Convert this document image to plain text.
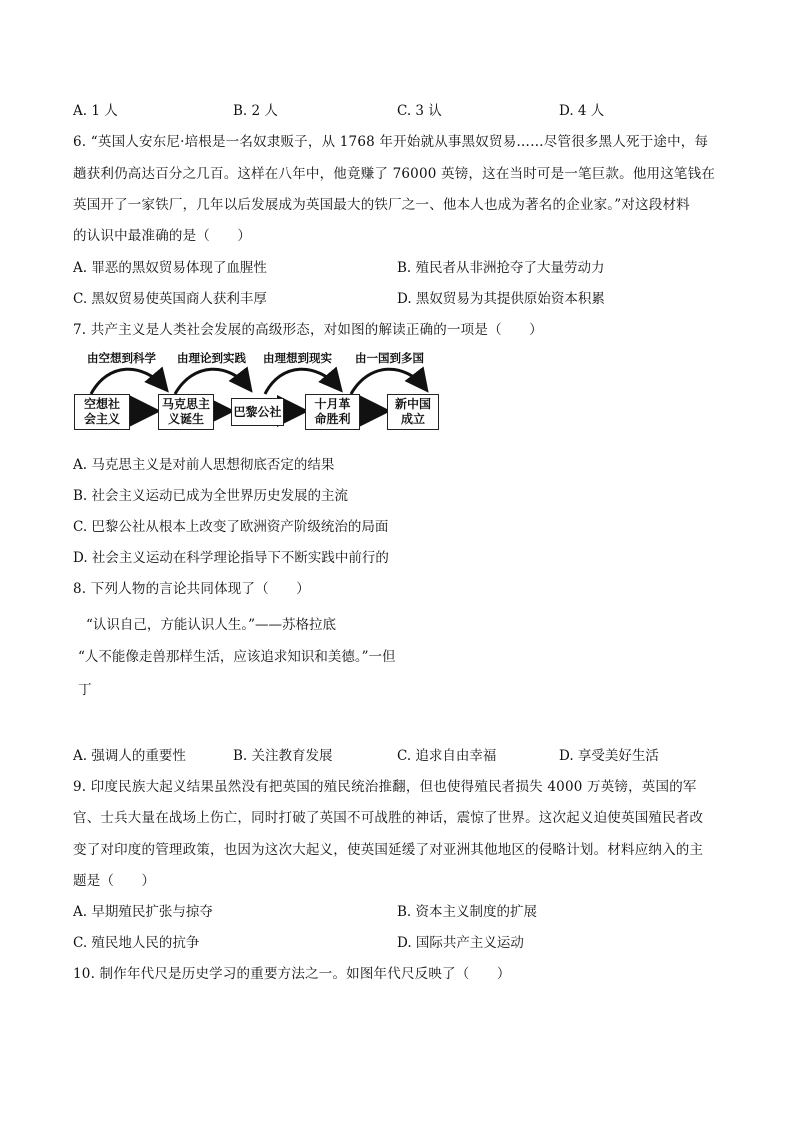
A. 1 人	B. 2 人	C. 3 认	D. 4 人
6. “英国人安东尼·培根是一名奴隶贩子，从 1768 年开始就从事黑奴贸易……尽管很多黑人死于途中，每
趟获利仍高达百分之几百。这样在八年中，他竟赚了 76000 英镑，这在当时可是一笔巨款。他用这笔钱在
英国开了一家铁厂，几年以后发展成为英国最大的铁厂之一、他本人也成为著名的企业家。”对这段材料
的认识中最准确的是（　　）
A. 罪恶的黑奴贸易体现了血腥性	B. 殖民者从非洲抢夺了大量劳动力
C. 黑奴贸易使英国商人获利丰厚	D. 黑奴贸易为其提供原始资本积累
7. 共产主义是人类社会发展的高级形态，对如图的解读正确的一项是（　　）
由空想到科学 由理论到实践 由理想到现实 由一国到多国
空想社
会主义
马克思主
义诞生
巴黎公社
十月革
命胜利
新中国
成立
A. 马克思主义是对前人思想彻底否定的结果
B. 社会主义运动已成为全世界历史发展的主流
C. 巴黎公社从根本上改变了欧洲资产阶级统治的局面
D. 社会主义运动在科学理论指导下不断实践中前行的
8. 下列人物的言论共同体现了（　　）
“认识自己，方能认识人生。”——苏格拉底
“人不能像走兽那样生活，应该追求知识和美德。”一但
丁
A. 强调人的重要性	B. 关注教育发展	C. 追求自由幸福	D. 享受美好生活
9. 印度民族大起义结果虽然没有把英国的殖民统治推翻，但也使得殖民者损失 4000 万英镑，英国的军
官、士兵大量在战场上伤亡，同时打破了英国不可战胜的神话，震惊了世界。这次起义迫使英国殖民者改
变了对印度的管理政策，也因为这次大起义，使英国延缓了对亚洲其他地区的侵略计划。材料应纳入的主
题是（　　）
A. 早期殖民扩张与掠夺	B. 资本主义制度的扩展
C. 殖民地人民的抗争	D. 国际共产主义运动
10. 制作年代尺是历史学习的重要方法之一。如图年代尺反映了（　　）
